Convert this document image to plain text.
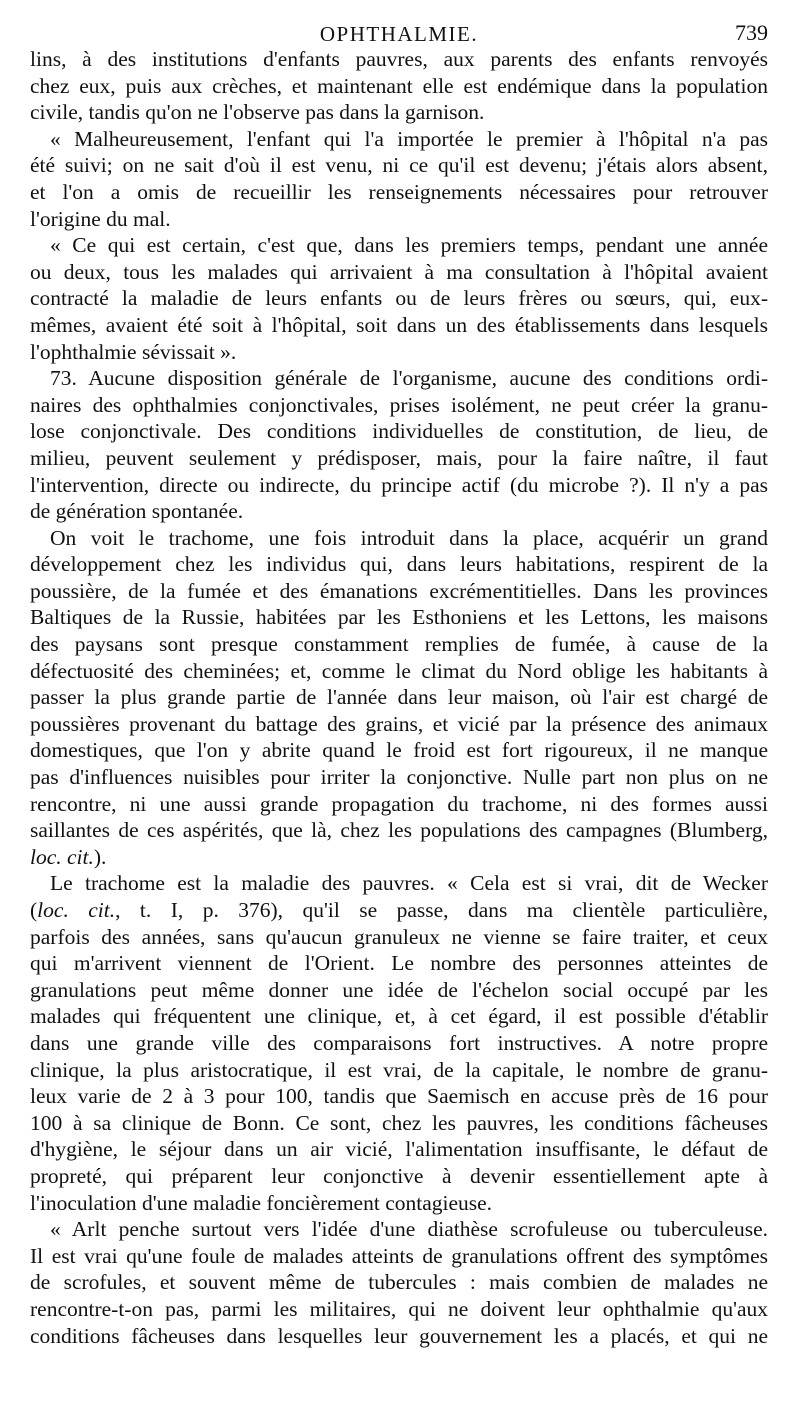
OPHTHALMIE.	739
lins, à des institutions d'enfants pauvres, aux parents des enfants renvoyés
chez eux, puis aux crèches, et maintenant elle est endémique dans la population
civile, tandis qu'on ne l'observe pas dans la garnison.
« Malheureusement, l'enfant qui l'a importée le premier à l'hôpital n'a pas
été suivi; on ne sait d'où il est venu, ni ce qu'il est devenu; j'étais alors absent,
et l'on a omis de recueillir les renseignements nécessaires pour retrouver
l'origine du mal.
« Ce qui est certain, c'est que, dans les premiers temps, pendant une année
ou deux, tous les malades qui arrivaient à ma consultation à l'hôpital avaient
contracté la maladie de leurs enfants ou de leurs frères ou sœurs, qui, eux-
mêmes, avaient été soit à l'hôpital, soit dans un des établissements dans lesquels
l'ophthalmie sévissait ».
73. Aucune disposition générale de l'organisme, aucune des conditions ordi-
naires des ophthalmies conjonctivales, prises isolément, ne peut créer la granu-
lose conjonctivale. Des conditions individuelles de constitution, de lieu, de
milieu, peuvent seulement y prédisposer, mais, pour la faire naître, il faut
l'intervention, directe ou indirecte, du principe actif (du microbe ?). Il n'y a pas
de génération spontanée.
On voit le trachome, une fois introduit dans la place, acquérir un grand
développement chez les individus qui, dans leurs habitations, respirent de la
poussière, de la fumée et des émanations excrémentitielles. Dans les provinces
Baltiques de la Russie, habitées par les Esthoniens et les Lettons, les maisons
des paysans sont presque constamment remplies de fumée, à cause de la
défectuosité des cheminées; et, comme le climat du Nord oblige les habitants à
passer la plus grande partie de l'année dans leur maison, où l'air est chargé de
poussières provenant du battage des grains, et vicié par la présence des animaux
domestiques, que l'on y abrite quand le froid est fort rigoureux, il ne manque
pas d'influences nuisibles pour irriter la conjonctive. Nulle part non plus on ne
rencontre, ni une aussi grande propagation du trachome, ni des formes aussi
saillantes de ces aspérités, que là, chez les populations des campagnes (Blumberg,
loc. cit.).
Le trachome est la maladie des pauvres. « Cela est si vrai, dit de Wecker
(loc. cit., t. I, p. 376), qu'il se passe, dans ma clientèle particulière,
parfois des années, sans qu'aucun granuleux ne vienne se faire traiter, et ceux
qui m'arrivent viennent de l'Orient. Le nombre des personnes atteintes de
granulations peut même donner une idée de l'échelon social occupé par les
malades qui fréquentent une clinique, et, à cet égard, il est possible d'établir
dans une grande ville des comparaisons fort instructives. A notre propre
clinique, la plus aristocratique, il est vrai, de la capitale, le nombre de granu-
leux varie de 2 à 3 pour 100, tandis que Saemisch en accuse près de 16 pour
100 à sa clinique de Bonn. Ce sont, chez les pauvres, les conditions fâcheuses
d'hygiène, le séjour dans un air vicié, l'alimentation insuffisante, le défaut de
propreté, qui préparent leur conjonctive à devenir essentiellement apte à
l'inoculation d'une maladie foncièrement contagieuse.
« Arlt penche surtout vers l'idée d'une diathèse scrofuleuse ou tuberculeuse.
Il est vrai qu'une foule de malades atteints de granulations offrent des symptômes
de scrofules, et souvent même de tubercules : mais combien de malades ne
rencontre-t-on pas, parmi les militaires, qui ne doivent leur ophthalmie qu'aux
conditions fâcheuses dans lesquelles leur gouvernement les a placés, et qui ne
